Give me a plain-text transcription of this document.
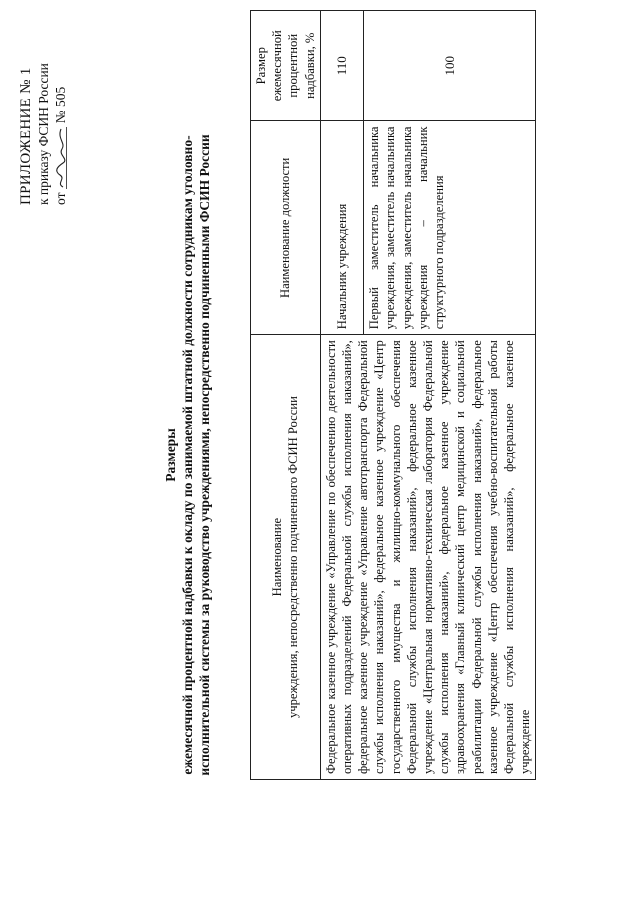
ПРИЛОЖЕНИЕ № 1 к приказу ФСИН России от  № 505
Размеры ежемесячной процентной надбавки к окладу по занимаемой штатной должности сотрудникам уголовно- исполнительной системы за руководство учреждениями, непосредственно подчиненными ФСИН России	Наименование учреждения, непосредственно подчиненного ФСИН России	Наименование должности	Размер ежемесячной процентной надбавки, %
Федеральное казенное учреждение «Управление по обеспечению деятельности оперативных подразделений Федеральной службы исполнения наказаний», федеральное казенное учреждение «Управление автотранспорта Федеральной службы исполнения наказаний», федеральное казенное учреждение «Центр государственного имущества и жилищно-коммунального обеспечения Федеральной службы исполнения наказаний», федеральное казенное учреждение «Центральная нормативно-техническая лаборатория Федеральной службы исполнения наказаний», федеральное казенное учреждение здравоохранения «Главный клинический центр медицинской и социальной реабилитации Федеральной службы исполнения наказаний», федеральное казенное учреждение «Центр обеспечения учебно-воспитательной работы Федеральной службы исполнения наказаний», федеральное казенное учреждение	Начальник учреждения	110
	Первый заместитель начальника учреждения, заместитель начальника учреждения, заместитель начальника учреждения – начальник структурного подразделения	100
